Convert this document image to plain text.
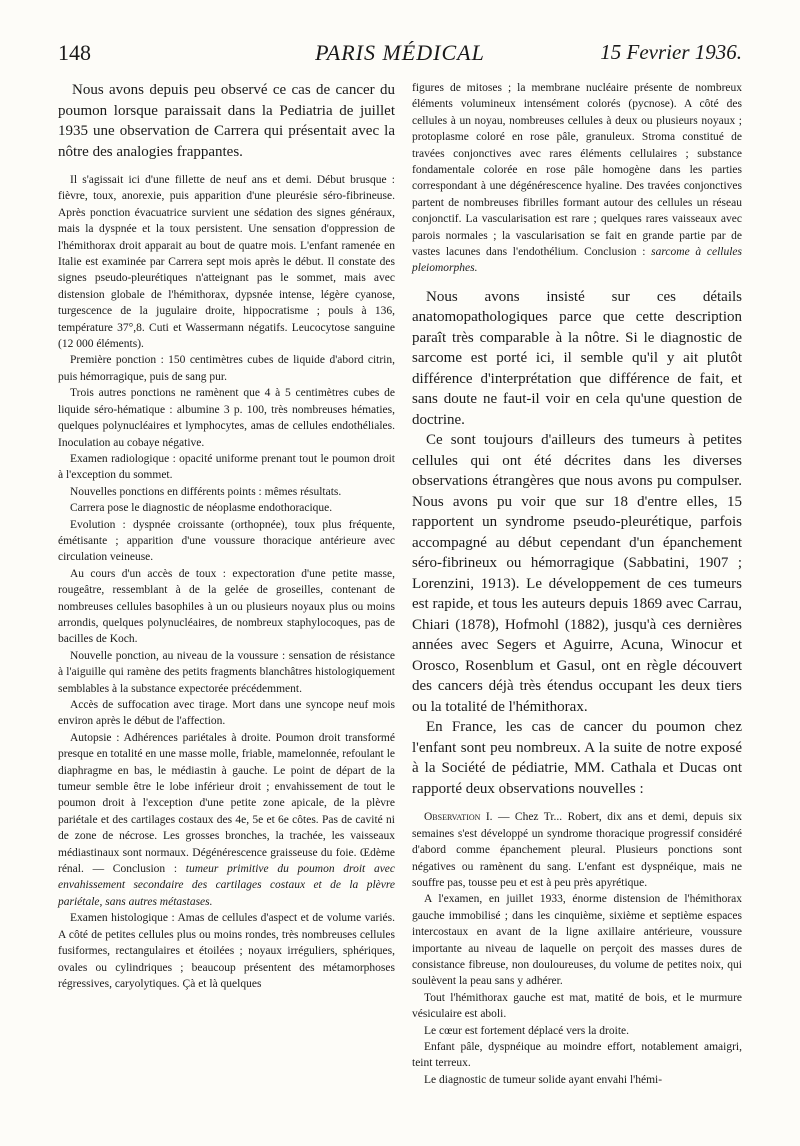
148	PARIS MÉDICAL	15 Fevrier 1936.

Nous avons depuis peu observé ce cas de cancer du poumon lorsque paraissait dans la Pediatria de juillet 1935 une observation de Carrera qui présentait avec la nôtre des analogies frappantes.

Il s'agissait ici d'une fillette de neuf ans et demi. Début brusque : fièvre, toux, anorexie, puis apparition d'une pleurésie séro-fibrineuse. Après ponction évacuatrice survient une sédation des signes généraux, mais la dyspnée et la toux persistent. Une sensation d'oppression de l'hémithorax droit apparait au bout de quatre mois. L'enfant ramenée en Italie est examinée par Carrera sept mois après le début. Il constate des signes pseudo-pleurétiques n'atteignant pas le sommet, mais avec distension globale de l'hémithorax, dypsnée intense, légère cyanose, turgescence de la jugulaire droite, hippocratisme ; pouls à 136, température 37°,8. Cuti et Wassermann négatifs. Leucocytose sanguine (12 000 éléments).

Première ponction : 150 centimètres cubes de liquide d'abord citrin, puis hémorragique, puis de sang pur.

Trois autres ponctions ne ramènent que 4 à 5 centimètres cubes de liquide séro-hématique : albumine 3 p. 100, très nombreuses hématies, quelques polynucléaires et lymphocytes, amas de cellules endothéliales. Inoculation au cobaye négative.

Examen radiologique : opacité uniforme prenant tout le poumon droit à l'exception du sommet.

Nouvelles ponctions en différents points : mêmes résultats.

Carrera pose le diagnostic de néoplasme endothoracique.

Evolution : dyspnée croissante (orthopnée), toux plus fréquente, émétisante ; apparition d'une voussure thoracique antérieure avec circulation veineuse.

Au cours d'un accès de toux : expectoration d'une petite masse, rougeâtre, ressemblant à de la gelée de groseilles, contenant de nombreuses cellules basophiles à un ou plusieurs noyaux plus ou moins arrondis, quelques polynucléaires, de nombreux staphylocoques, pas de bacilles de Koch.

Nouvelle ponction, au niveau de la voussure : sensation de résistance à l'aiguille qui ramène des petits fragments blanchâtres histologiquement semblables à la substance expectorée précédemment.

Accès de suffocation avec tirage. Mort dans une syncope neuf mois environ après le début de l'affection.

Autopsie : Adhérences pariétales à droite. Poumon droit transformé presque en totalité en une masse molle, friable, mamelonnée, refoulant le diaphragme en bas, le médiastin à gauche. Le point de départ de la tumeur semble être le lobe inférieur droit ; envahissement de tout le poumon droit à l'exception d'une petite zone apicale, de la plèvre pariétale et des cartilages costaux des 4e, 5e et 6e côtes. Pas de cavité ni de zone de nécrose. Les grosses bronches, la trachée, les vaisseaux médiastinaux sont normaux. Dégénérescence graisseuse du foie. Œdème rénal. — Conclusion : tumeur primitive du poumon droit avec envahissement secondaire des cartilages costaux et de la plèvre pariétale, sans autres métastases.

Examen histologique : Amas de cellules d'aspect et de volume variés. A côté de petites cellules plus ou moins rondes, très nombreuses cellules fusiformes, rectangulaires et étoilées ; noyaux irréguliers, sphériques, ovales ou cylindriques ; beaucoup présentent des métamorphoses régressives, caryolytiques. Çà et là quelques

figures de mitoses ; la membrane nucléaire présente de nombreux éléments volumineux intensément colorés (pycnose). A côté des cellules à un noyau, nombreuses cellules à deux ou plusieurs noyaux ; protoplasme coloré en rose pâle, granuleux. Stroma constitué de travées conjonctives avec rares éléments cellulaires ; substance fondamentale colorée en rose pâle homogène dans les parties correspondant à une dégénérescence hyaline. Des travées conjonctives partent de nombreuses fibrilles formant autour des cellules un réseau conjonctif. La vascularisation est rare ; quelques rares vaisseaux avec parois normales ; la vascularisation se fait en grande partie par de vastes lacunes dans l'endothélium. Conclusion : sarcome à cellules pleiomorphes.

Nous avons insisté sur ces détails anatomopathologiques parce que cette description paraît très comparable à la nôtre. Si le diagnostic de sarcome est porté ici, il semble qu'il y ait plutôt différence d'interprétation que différence de fait, et sans doute ne faut-il voir en cela qu'une question de doctrine.

Ce sont toujours d'ailleurs des tumeurs à petites cellules qui ont été décrites dans les diverses observations étrangères que nous avons pu compulser. Nous avons pu voir que sur 18 d'entre elles, 15 rapportent un syndrome pseudo-pleurétique, parfois accompagné au début cependant d'un épanchement séro-fibrineux ou hémorragique (Sabbatini, 1907 ; Lorenzini, 1913). Le développement de ces tumeurs est rapide, et tous les auteurs depuis 1869 avec Carrau, Chiari (1878), Hofmohl (1882), jusqu'à ces dernières années avec Segers et Aguirre, Acuna, Winocur et Orosco, Rosenblum et Gasul, ont en règle découvert des cancers déjà très étendus occupant les deux tiers ou la totalité de l'hémithorax.

En France, les cas de cancer du poumon chez l'enfant sont peu nombreux. A la suite de notre exposé à la Société de pédiatrie, MM. Cathala et Ducas ont rapporté deux observations nouvelles :

Observation I. — Chez Tr... Robert, dix ans et demi, depuis six semaines s'est développé un syndrome thoracique progressif considéré d'abord comme épanchement pleural. Plusieurs ponctions sont négatives ou ramènent du sang. L'enfant est dyspnéique, mais ne souffre pas, tousse peu et est à peu près apyrétique.

A l'examen, en juillet 1933, énorme distension de l'hémithorax gauche immobilisé ; dans les cinquième, sixième et septième espaces intercostaux en avant de la ligne axillaire antérieure, voussure importante au niveau de laquelle on perçoit des masses dures de consistance fibreuse, non douloureuses, du volume de petites noix, qui soulèvent la peau sans y adhérer.

Tout l'hémithorax gauche est mat, matité de bois, et le murmure vésiculaire est aboli.

Le cœur est fortement déplacé vers la droite.

Enfant pâle, dyspnéique au moindre effort, notablement amaigri, teint terreux.

Le diagnostic de tumeur solide ayant envahi l'hémi-
